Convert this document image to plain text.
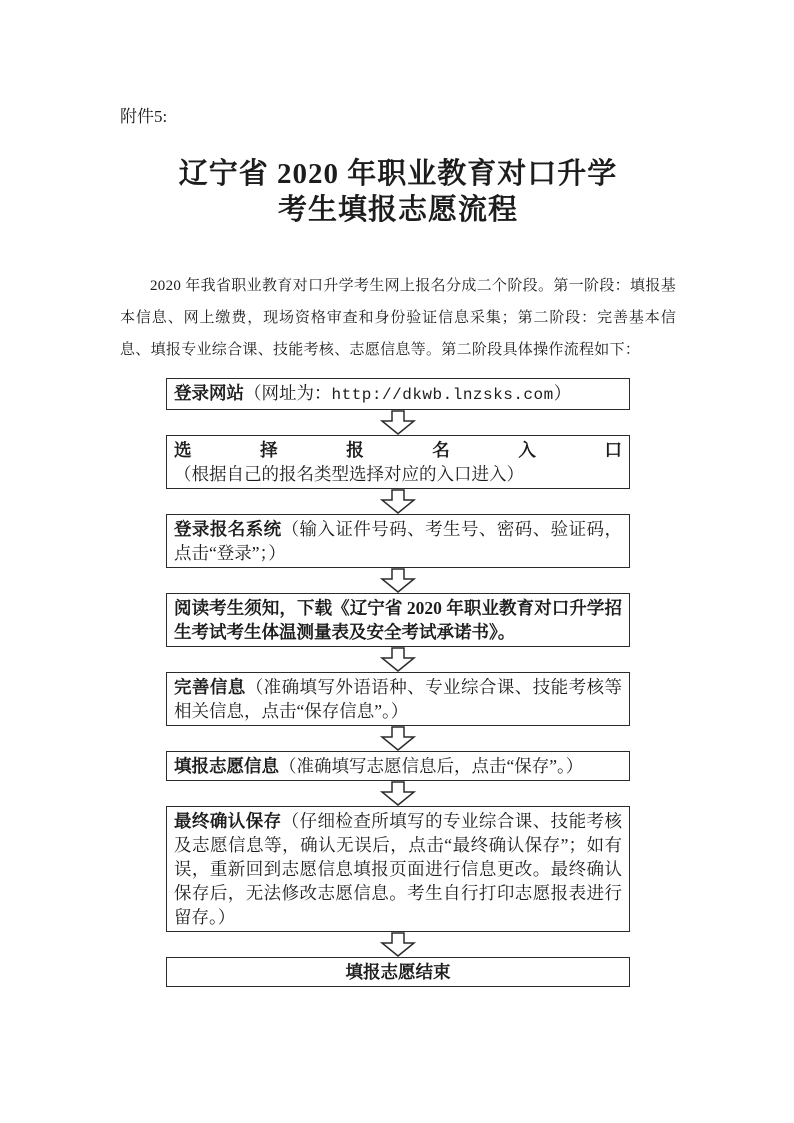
附件5:
辽宁省 2020 年职业教育对口升学
考生填报志愿流程

2020 年我省职业教育对口升学考生网上报名分成二个阶段。第一阶段：填报基本信息、网上缴费，现场资格审查和身份验证信息采集；第二阶段：完善基本信息、填报专业综合课、技能考核、志愿信息等。第二阶段具体操作流程如下：

登录网站（网址为：http://dkwb.lnzsks.com）
选择报名入口（根据自己的报名类型选择对应的入口进入）
登录报名系统（输入证件号码、考生号、密码、验证码，点击“登录”；）
阅读考生须知，下载《辽宁省 2020 年职业教育对口升学招生考试考生体温测量表及安全考试承诺书》。
完善信息（准确填写外语语种、专业综合课、技能考核等相关信息，点击“保存信息”。）
填报志愿信息（准确填写志愿信息后，点击“保存”。）
最终确认保存（仔细检查所填写的专业综合课、技能考核及志愿信息等，确认无误后，点击“最终确认保存”；如有误，重新回到志愿信息填报页面进行信息更改。最终确认保存后，无法修改志愿信息。考生自行打印志愿报表进行留存。）
填报志愿结束
